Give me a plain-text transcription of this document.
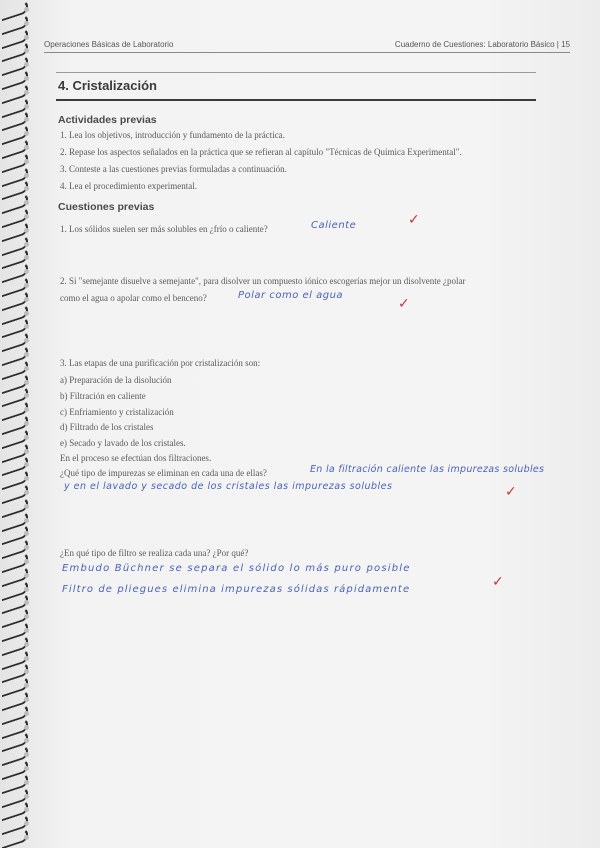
Operaciones Básicas de Laboratorio	Cuaderno de Cuestiones: Laboratorio Básico | 15
4. Cristalización
Actividades previas
1. Lea los objetivos, introducción y fundamento de la práctica.
2. Repase los aspectos señalados en la práctica que se refieran al capítulo "Técnicas de Química Experimental".
3. Conteste a las cuestiones previas formuladas a continuación.
4. Lea el procedimiento experimental.
Cuestiones previas
1. Los sólidos suelen ser más solubles en ¿frío o caliente?	Caliente	✓
2. Si "semejante disuelve a semejante", para disolver un compuesto iónico escogerías mejor un disolvente ¿polar
como el agua o apolar como el benceno?	Polar como el agua
✓
3. Las etapas de una purificación por cristalización son:
a) Preparación de la disolución
b) Filtración en caliente
c) Enfriamiento y cristalización
d) Filtrado de los cristales
e) Secado y lavado de los cristales.
En el proceso se efectúan dos filtraciones.
¿Qué tipo de impurezas se eliminan en cada una de ellas?	En la filtración caliente las impurezas solubles
y en el lavado y secado de los cristales las impurezas solubles	✓
¿En qué tipo de filtro se realiza cada una? ¿Por qué?
Embudo Büchner se separa el sólido lo más puro posible
Filtro de pliegues elimina impurezas sólidas rápidamente	✓
